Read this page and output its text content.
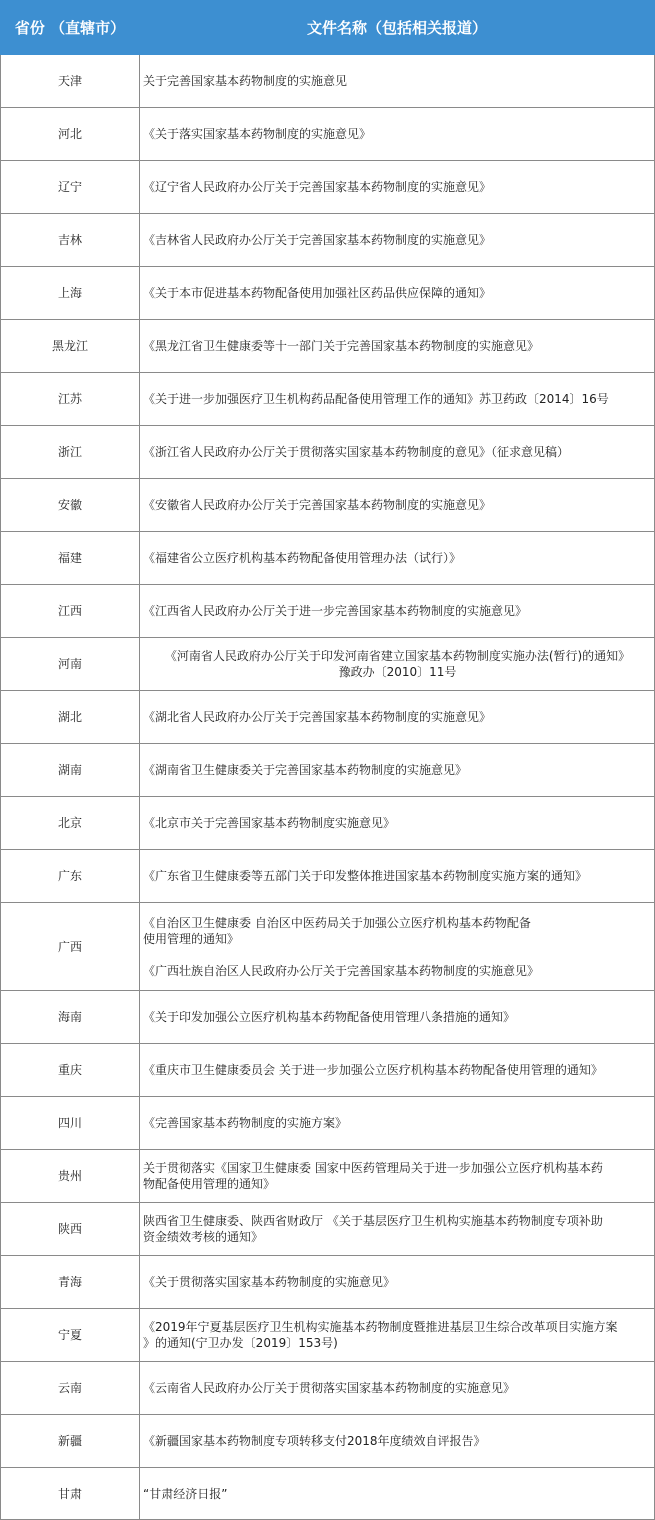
省份 （直辖市）	文件名称（包括相关报道）
天津	关于完善国家基本药物制度的实施意见

河北	《关于落实国家基本药物制度的实施意见》

辽宁	《辽宁省人民政府办公厅关于完善国家基本药物制度的实施意见》

吉林	《吉林省人民政府办公厅关于完善国家基本药物制度的实施意见》

上海	《关于本市促进基本药物配备使用加强社区药品供应保障的通知》

黑龙江	《黑龙江省卫生健康委等十一部门关于完善国家基本药物制度的实施意见》

江苏	《关于进一步加强医疗卫生机构药品配备使用管理工作的通知》苏卫药政〔2014〕16号

浙江	《浙江省人民政府办公厅关于贯彻落实国家基本药物制度的意见》（征求意见稿）

安徽	《安徽省人民政府办公厅关于完善国家基本药物制度的实施意见》

福建	《福建省公立医疗机构基本药物配备使用管理办法（试行）》

江西	《江西省人民政府办公厅关于进一步完善国家基本药物制度的实施意见》

河南	《河南省人民政府办公厅关于印发河南省建立国家基本药物制度实施办法(暂行)的通知》
豫政办〔2010〕11号

湖北	《湖北省人民政府办公厅关于完善国家基本药物制度的实施意见》

湖南	《湖南省卫生健康委关于完善国家基本药物制度的实施意见》

北京	《北京市关于完善国家基本药物制度实施意见》

广东	《广东省卫生健康委等五部门关于印发整体推进国家基本药物制度实施方案的通知》

广西	《自治区卫生健康委 自治区中医药局关于加强公立医疗机构基本药物配备
使用管理的通知》
《广西壮族自治区人民政府办公厅关于完善国家基本药物制度的实施意见》

海南	《关于印发加强公立医疗机构基本药物配备使用管理八条措施的通知》

重庆	《重庆市卫生健康委员会 关于进一步加强公立医疗机构基本药物配备使用管理的通知》

四川	《完善国家基本药物制度的实施方案》

贵州	关于贯彻落实《国家卫生健康委 国家中医药管理局关于进一步加强公立医疗机构基本药
物配备使用管理的通知》

陕西	陕西省卫生健康委、陕西省财政厅 《关于基层医疗卫生机构实施基本药物制度专项补助
资金绩效考核的通知》

青海	《关于贯彻落实国家基本药物制度的实施意见》

宁夏	《2019年宁夏基层医疗卫生机构实施基本药物制度暨推进基层卫生综合改革项目实施方案
》的通知(宁卫办发〔2019〕153号)

云南	《云南省人民政府办公厅关于贯彻落实国家基本药物制度的实施意见》

新疆	《新疆国家基本药物制度专项转移支付2018年度绩效自评报告》

甘肃	“甘肃经济日报”
